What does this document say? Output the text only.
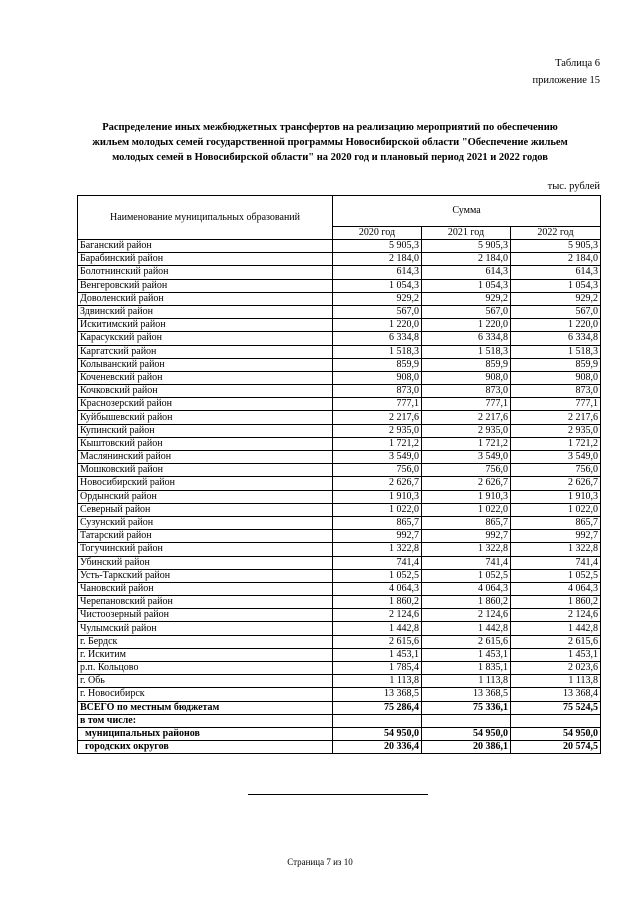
Таблица 6
приложение 15
Распределение иных межбюджетных трансфертов на реализацию мероприятий по обеспечению
жильем молодых семей государственной программы Новосибирской области "Обеспечение жильем
молодых семей в Новосибирской области" на 2020 год и плановый период 2021 и 2022 годов
тыс. рублей
Наименование муниципальных образований	Сумма		
	2020 год	2021 год	2022 год
Баганский район	5 905,3	5 905,3	5 905,3
Барабинский район	2 184,0	2 184,0	2 184,0
Болотнинский район	614,3	614,3	614,3
Венгеровский район	1 054,3	1 054,3	1 054,3
Доволенский район	929,2	929,2	929,2
Здвинский район	567,0	567,0	567,0
Искитимский район	1 220,0	1 220,0	1 220,0
Карасукский район	6 334,8	6 334,8	6 334,8
Каргатский район	1 518,3	1 518,3	1 518,3
Колыванский район	859,9	859,9	859,9
Коченевский район	908,0	908,0	908,0
Кочковский район	873,0	873,0	873,0
Краснозерский район	777,1	777,1	777,1
Куйбышевский район	2 217,6	2 217,6	2 217,6
Купинский район	2 935,0	2 935,0	2 935,0
Кыштовский район	1 721,2	1 721,2	1 721,2
Маслянинский район	3 549,0	3 549,0	3 549,0
Мошковский район	756,0	756,0	756,0
Новосибирский район	2 626,7	2 626,7	2 626,7
Ордынский район	1 910,3	1 910,3	1 910,3
Северный район	1 022,0	1 022,0	1 022,0
Сузунский район	865,7	865,7	865,7
Татарский район	992,7	992,7	992,7
Тогучинский район	1 322,8	1 322,8	1 322,8
Убинский район	741,4	741,4	741,4
Усть-Таркский район	1 052,5	1 052,5	1 052,5
Чановский район	4 064,3	4 064,3	4 064,3
Черепановский район	1 860,2	1 860,2	1 860,2
Чистоозерный район	2 124,6	2 124,6	2 124,6
Чулымский район	1 442,8	1 442,8	1 442,8
г. Бердск	2 615,6	2 615,6	2 615,6
г. Искитим	1 453,1	1 453,1	1 453,1
р.п. Кольцово	1 785,4	1 835,1	2 023,6
г. Обь	1 113,8	1 113,8	1 113,8
г. Новосибирск	13 368,5	13 368,5	13 368,4
ВСЕГО по местным бюджетам	75 286,4	75 336,1	75 524,5
в том числе:			
муниципальных районов	54 950,0	54 950,0	54 950,0
городских округов	20 336,4	20 386,1	20 574,5
Страница 7 из 10
